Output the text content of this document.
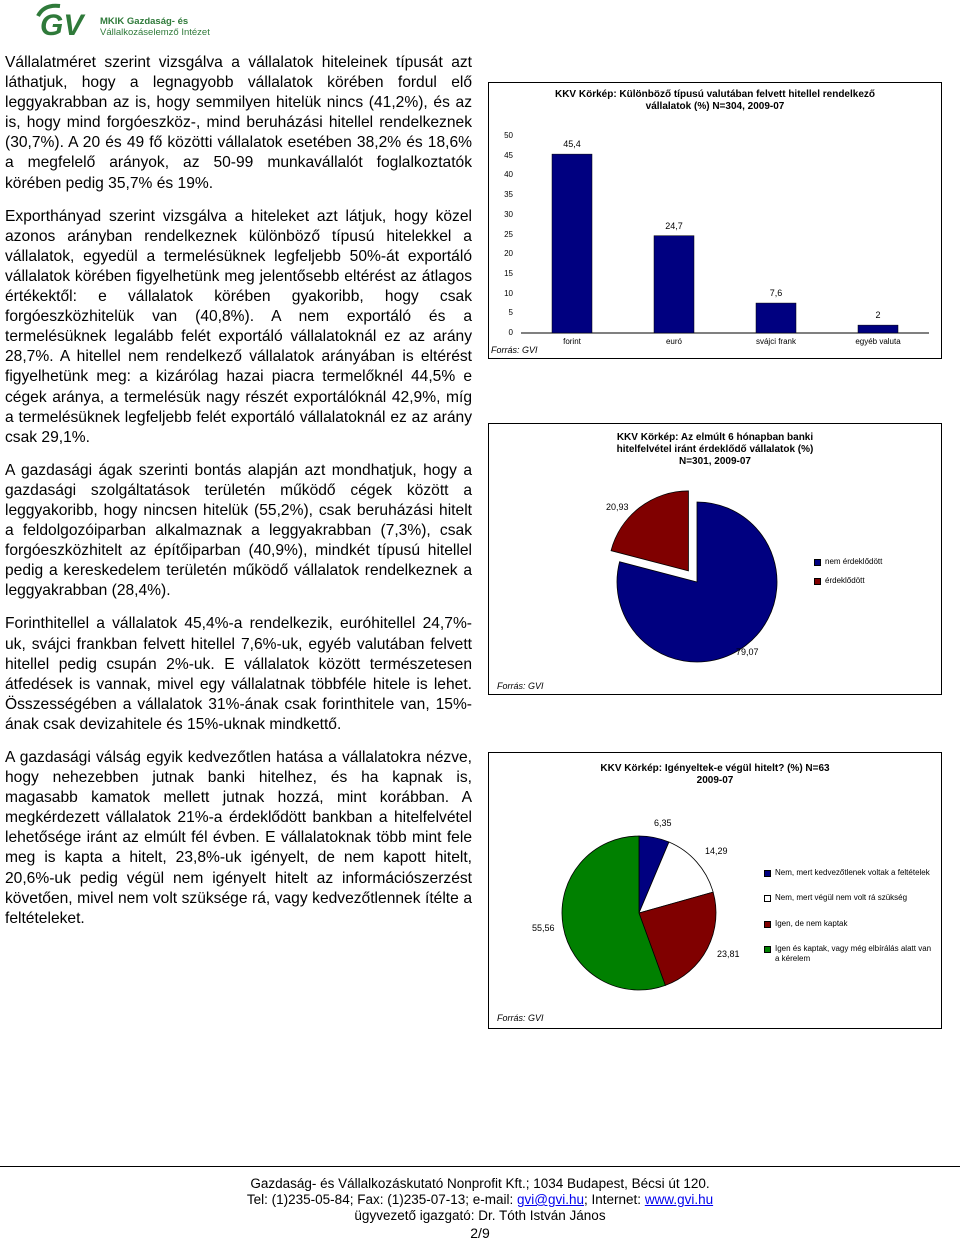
GV	MKIK Gazdaság- és
Vállalkozáselemző Intézet

Vállalatméret szerint vizsgálva a vállalatok hiteleinek típusát azt láthatjuk, hogy a legnagyobb vállalatok körében fordul elő leggyakrabban az is, hogy semmilyen hitelük nincs (41,2%), és az is, hogy mind forgóeszköz-, mind beruházási hitellel rendelkeznek (30,7%). A 20 és 49 fő közötti vállalatok esetében 38,2% és 18,6% a megfelelő arányok, az 50-99 munkavállalót foglalkoztatók körében pedig 35,7% és 19%.

Exporthányad szerint vizsgálva a hiteleket azt látjuk, hogy közel azonos arányban rendelkeznek különböző típusú hitelekkel a vállalatok, egyedül a termelésüknek legfeljebb 50%-át exportáló vállalatok körében figyelhetünk meg jelentősebb eltérést az átlagos értékektől: e vállalatok körében gyakoribb, hogy csak forgóeszközhitelük van (40,8%). A nem exportáló és a termelésüknek legalább felét exportáló vállalatoknál ez az arány 28,7%. A hitellel nem rendelkező vállalatok arányában is eltérést figyelhetünk meg: a kizárólag hazai piacra termelőknél 44,5% e cégek aránya, a termelésük nagy részét exportálóknál 42,9%, míg a termelésüknek legfeljebb felét exportáló vállalatoknál ez az arány csak 29,1%.

A gazdasági ágak szerinti bontás alapján azt mondhatjuk, hogy a gazdasági szolgáltatások területén működő cégek között a leggyakoribb, hogy nincsen hitelük (55,2%), csak beruházási hitelt a feldolgozóiparban alkalmaznak a leggyakrabban (7,3%), csak forgóeszközhitelt az építőiparban (40,9%), mindkét típusú hitellel pedig a kereskedelem területén működő vállalatok rendelkeznek a leggyakrabban (28,4%).

Forinthitellel a vállalatok 45,4%-a rendelkezik, euróhitellel 24,7%-uk, svájci frankban felvett hitellel 7,6%-uk, egyéb valutában felvett hitellel pedig csupán 2%-uk. E vállalatok között természetesen átfedések is vannak, mivel egy vállalatnak többféle hitele is lehet. Összességében a vállalatok 31%-ának csak forinthitele van, 15%-ának csak devizahitele és 15%-uknak mindkettő.

A gazdasági válság egyik kedvezőtlen hatása a vállalatokra nézve, hogy nehezebben jutnak banki hitelhez, és ha kapnak is, magasabb kamatok mellett jutnak hozzá, mint korábban. A megkérdezett vállalatok 21%-a érdeklődött bankban a hitelfelvétel lehetősége iránt az elmúlt fél évben. E vállalatoknak több mint fele meg is kapta a hitelt, 23,8%-uk igényelt, de nem kapott hitelt, 20,6%-uk pedig végül nem igényelt hitelt az információszerzést követően, mivel nem volt szüksége rá, vagy kedvezőtlennek ítélte a feltételeket.

KKV Körkép: Különböző típusú valutában felvett hitellel rendelkező vállalatok (%) N=304, 2009-07
Forrás: GVI
0
5
10
15
20
25
30
35
40
45
50
45,4
forint
24,7
euró
7,6
svájci frank
2
egyéb valuta
KKV Körkép: Az elmúlt 6 hónapban banki hitelfelvétel iránt érdeklődő vállalatok (%) N=301, 2009-07
20,93
79,07
nem érdeklődött
érdeklődött
Forrás: GVI
KKV Körkép: Igényeltek-e végül hitelt? (%) N=63 2009-07
6,35
14,29
23,81
55,56
Nem, mert kedvezőtlenek voltak a feltételek
Nem, mert végül nem volt rá szükség
Igen, de nem kaptak
Igen és kaptak, vagy még elbírálás alatt van a kérelem
Forrás: GVI
Gazdaság- és Vállalkozáskutató Nonprofit Kft.; 1034 Budapest, Bécsi út 120.
Tel: (1)235-05-84; Fax: (1)235-07-13; e-mail: gvi@gvi.hu; Internet: www.gvi.hu
ügyvezető igazgató: Dr. Tóth István János
2/9
